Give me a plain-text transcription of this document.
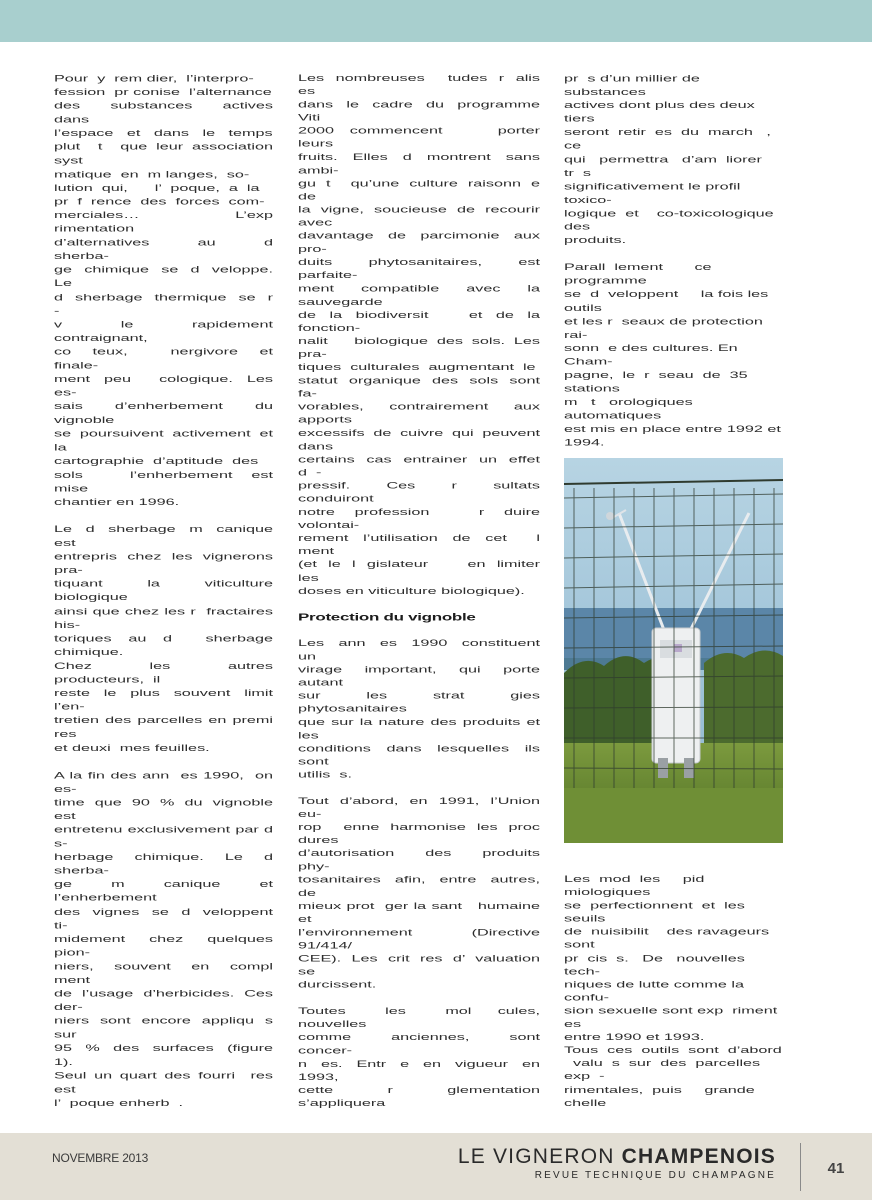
Pour  y  rem dier,  l’interpro-
fession  pr conise  l’alternance
des  substances  actives  dans
l’espace   et   dans   le   temps
plut  t  que leur association syst
matique  en  m langes,  so-
lution  qui,      l’  poque,  a  la
pr  f  rence  des  forces  com-
merciales…  L’exp  rimentation
d’alternatives     au     d  sherba-
ge  chimique  se  d  veloppe.  Le
d  sherbage  thermique  se  r  -
v  le  rapidement  contraignant,
co  teux,    nergivore  et  finale-
ment  peu    cologique.  Les  es-
sais d’enherbement du vignoble
se poursuivent activement et la
cartographie  d’aptitude  des
sols     l’enherbement  est  mise
chantier en 1996.

Le  d  sherbage  m  canique  est
entrepris chez les vignerons pra-
tiquant  la  viticulture  biologique
ainsi que chez les r  fractaires his-
toriques au d  sherbage chimique.
Chez  les  autres  producteurs,  il
reste le plus souvent limit       l’en-
tretien des parcelles en premi  res
et deuxi  mes feuilles.

A la fin des ann  es 1990,  on es-
time  que  90  %  du  vignoble  est
entretenu exclusivement par d  s-
herbage  chimique.  Le  d  sherba-
ge  m  canique  et  l’enherbement
des  vignes  se  d  veloppent  ti-
midement  chez  quelques  pion-
niers,  souvent  en  compl  ment
de  l’usage  d’herbicides.  Ces  der-
niers  sont  encore  appliqu  s  sur
95  %  des  surfaces  (figure  1).
Seul un quart des fourri  res est
l’  poque enherb  .

Les  nombreuses    tudes  r  alis  es
dans  le  cadre  du  programme  Viti
2000  commencent       porter  leurs
fruits.  Elles  d  montrent  sans  ambi-
gu  t    qu’une  culture  raisonn  e  de
la vigne, soucieuse de recourir avec
davantage de parcimonie aux pro-
duits phytosanitaires, est parfaite-
ment compatible avec la sauvegarde
de la biodiversit   et de la fonction-
nalit   biologique des sols. Les pra-
tiques  culturales  augmentant  le
statut  organique  des  sols  sont  fa-
vorables, contrairement aux apports
excessifs de cuivre qui peuvent dans
certains  cas  entrainer  un  effet  d  -
pressif.  Ces  r  sultats  conduiront
notre  profession     r  duire  volontai-
rement  l’utilisation  de  cet    l  ment
(et  le  l  gislateur       en  limiter  les
doses en viticulture biologique).

Protection du vignoble

Les  ann  es  1990  constituent  un
virage  important,  qui  porte  autant
sur  les  strat  gies  phytosanitaires
que sur la nature des produits et les
conditions  dans  lesquelles  ils  sont
utilis  s.

Tout  d’abord,  en  1991,  l’Union  eu-
rop  enne harmonise les proc  dures
d’autorisation   des   produits   phy-
tosanitaires  afin,  entre  autres,  de
mieux prot  ger la sant   humaine et
l’environnement  (Directive  91/414/
CEE).  Les  crit  res  d’  valuation  se
durcissent.

Toutes   les   mol  cules,   nouvelles
comme  anciennes,  sont  concer-
n  es.  Entr  e  en  vigueur  en  1993,
cette  r  glementation  s’appliquera

pr  s d’un millier de substances
actives dont plus des deux tiers
seront  retir  es  du  march   ,  ce
qui   permettra   d’am  liorer   tr  s
significativement le profil toxico-
logique  et    co-toxicologique  des
produits.

Parall  lement       ce  programme
se  d  veloppent     la fois les outils
et les r  seaux de protection rai-
sonn  e des cultures. En Cham-
pagne,  le  r  seau  de  35  stations
m   t   orologiques     automatiques
est mis en place entre 1992 et
1994.

Les  mod  les     pid  miologiques
se  perfectionnent  et  les  seuils
de  nuisibilit    des ravageurs sont
pr  cis  s.   De   nouvelles   tech-
niques de lutte comme la confu-
sion sexuelle sont exp  riment  es
entre 1990 et 1993.
Tous  ces  outils  sont  d’abord
valu  s  sur  des  parcelles  exp  -
rimentales,  puis     grande   chelle

NOVEMBRE 2013	LE VIGNERON CHAMPENOIS
REVUE TECHNIQUE DU CHAMPAGNE	41
